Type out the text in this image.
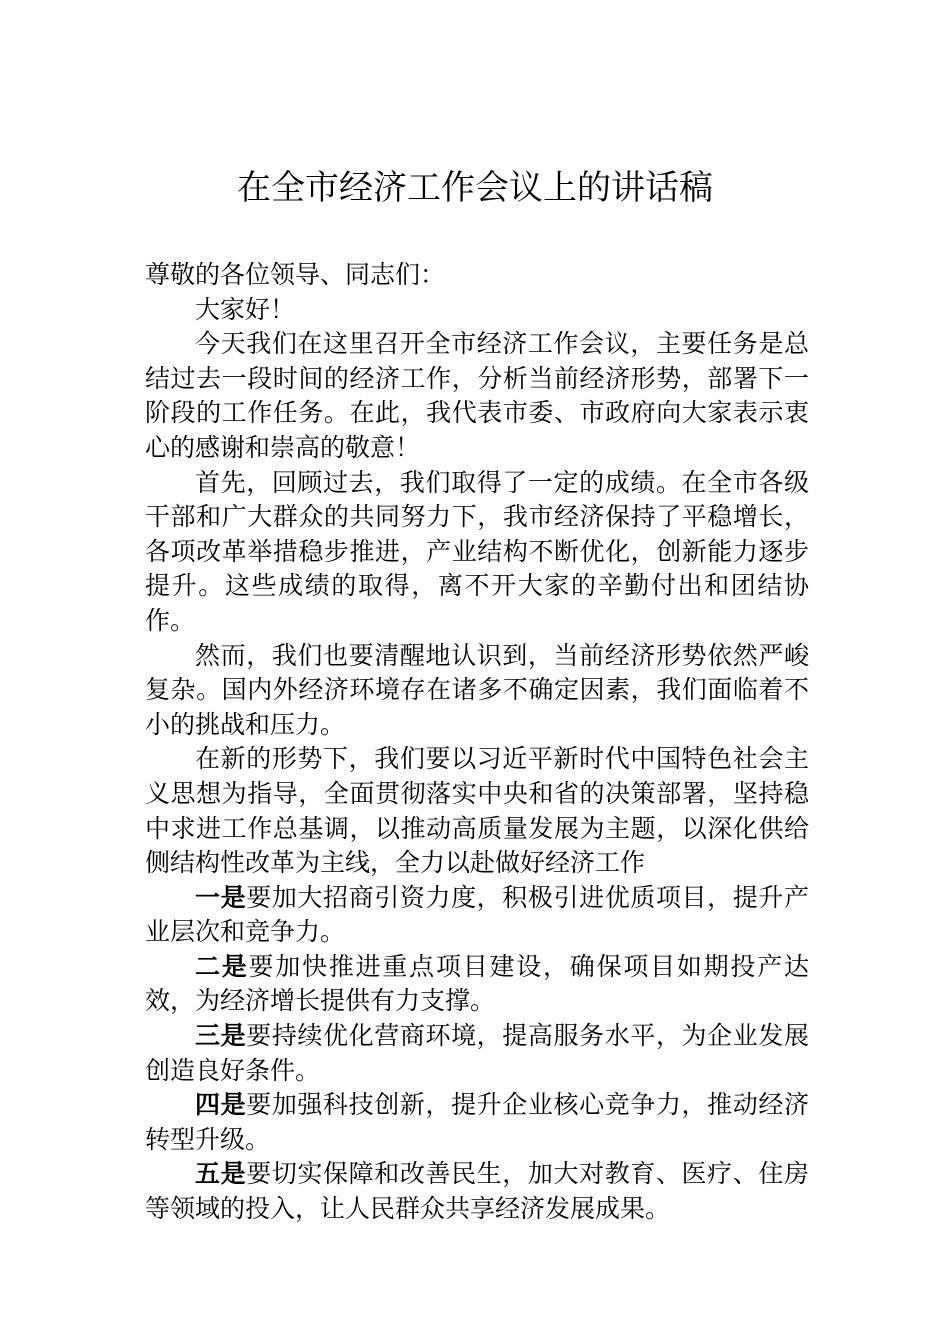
在全市经济工作会议上的讲话稿

尊敬的各位领导、同志们：

大家好！

今天我们在这里召开全市经济工作会议，主要任务是总结过去一段时间的经济工作，分析当前经济形势，部署下一阶段的工作任务。在此，我代表市委、市政府向大家表示衷心的感谢和崇高的敬意！

首先，回顾过去，我们取得了一定的成绩。在全市各级干部和广大群众的共同努力下，我市经济保持了平稳增长，各项改革举措稳步推进，产业结构不断优化，创新能力逐步提升。这些成绩的取得，离不开大家的辛勤付出和团结协作。

然而，我们也要清醒地认识到，当前经济形势依然严峻复杂。国内外经济环境存在诸多不确定因素，我们面临着不小的挑战和压力。

在新的形势下，我们要以习近平新时代中国特色社会主义思想为指导，全面贯彻落实中央和省的决策部署，坚持稳中求进工作总基调，以推动高质量发展为主题，以深化供给侧结构性改革为主线，全力以赴做好经济工作

一是要加大招商引资力度，积极引进优质项目，提升产业层次和竞争力。

二是要加快推进重点项目建设，确保项目如期投产达效，为经济增长提供有力支撑。

三是要持续优化营商环境，提高服务水平，为企业发展创造良好条件。

四是要加强科技创新，提升企业核心竞争力，推动经济转型升级。

五是要切实保障和改善民生，加大对教育、医疗、住房等领域的投入，让人民群众共享经济发展成果。
